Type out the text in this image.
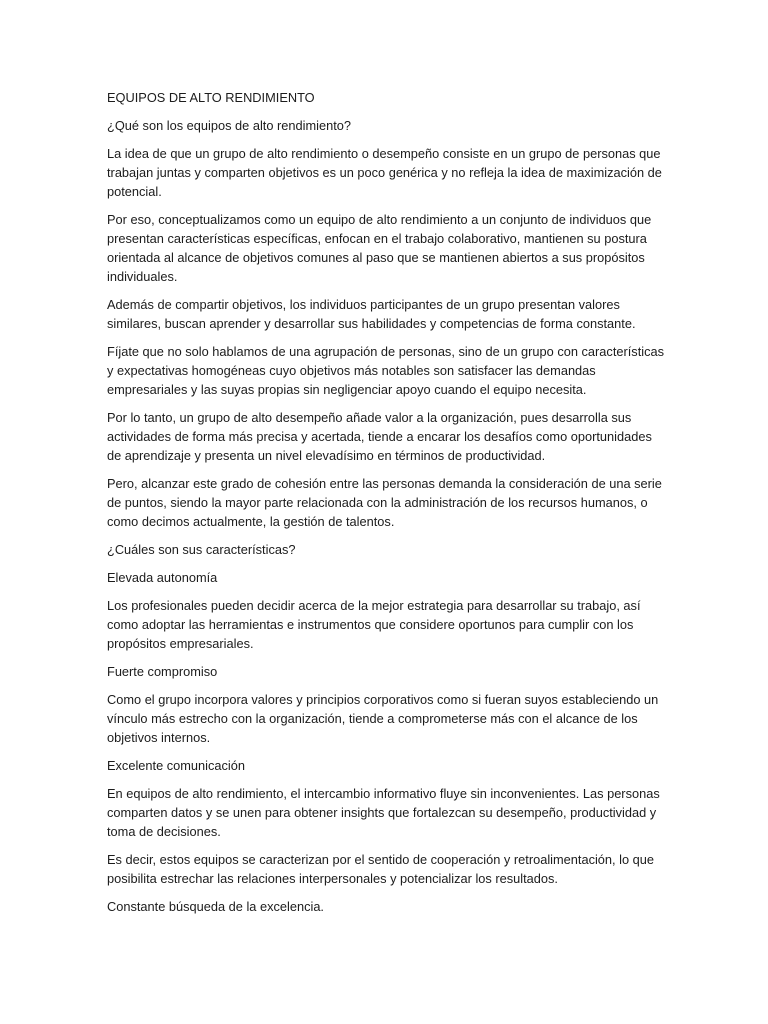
EQUIPOS DE ALTO RENDIMIENTO

¿Qué son los equipos de alto rendimiento?

La idea de que un grupo de alto rendimiento o desempeño consiste en un grupo de personas que trabajan juntas y comparten objetivos es un poco genérica y no refleja la idea de maximización de potencial.

Por eso, conceptualizamos como un equipo de alto rendimiento a un conjunto de individuos que presentan características específicas, enfocan en el trabajo colaborativo, mantienen su postura orientada al alcance de objetivos comunes al paso que se mantienen abiertos a sus propósitos individuales.

Además de compartir objetivos, los individuos participantes de un grupo presentan valores similares, buscan aprender y desarrollar sus habilidades y competencias de forma constante.

Fíjate que no solo hablamos de una agrupación de personas, sino de un grupo con características y expectativas homogéneas cuyo objetivos más notables son satisfacer las demandas empresariales y las suyas propias sin negligenciar apoyo cuando el equipo necesita.

Por lo tanto, un grupo de alto desempeño añade valor a la organización, pues desarrolla sus actividades de forma más precisa y acertada, tiende a encarar los desafíos como oportunidades de aprendizaje y presenta un nivel elevadísimo en términos de productividad.

Pero, alcanzar este grado de cohesión entre las personas demanda la consideración de una serie de puntos, siendo la mayor parte relacionada con la administración de los recursos humanos, o como decimos actualmente, la gestión de talentos.

¿Cuáles son sus características?

Elevada autonomía

Los profesionales pueden decidir acerca de la mejor estrategia para desarrollar su trabajo, así como adoptar las herramientas e instrumentos que considere oportunos para cumplir con los propósitos empresariales.

Fuerte compromiso

Como el grupo incorpora valores y principios corporativos como si fueran suyos estableciendo un vínculo más estrecho con la organización, tiende a comprometerse más con el alcance de los objetivos internos.

Excelente comunicación

En equipos de alto rendimiento, el intercambio informativo fluye sin inconvenientes. Las personas comparten datos y se unen para obtener insights que fortalezcan su desempeño, productividad y toma de decisiones.

Es decir, estos equipos se caracterizan por el sentido de cooperación y retroalimentación, lo que posibilita estrechar las relaciones interpersonales y potencializar los resultados.

Constante búsqueda de la excelencia.
